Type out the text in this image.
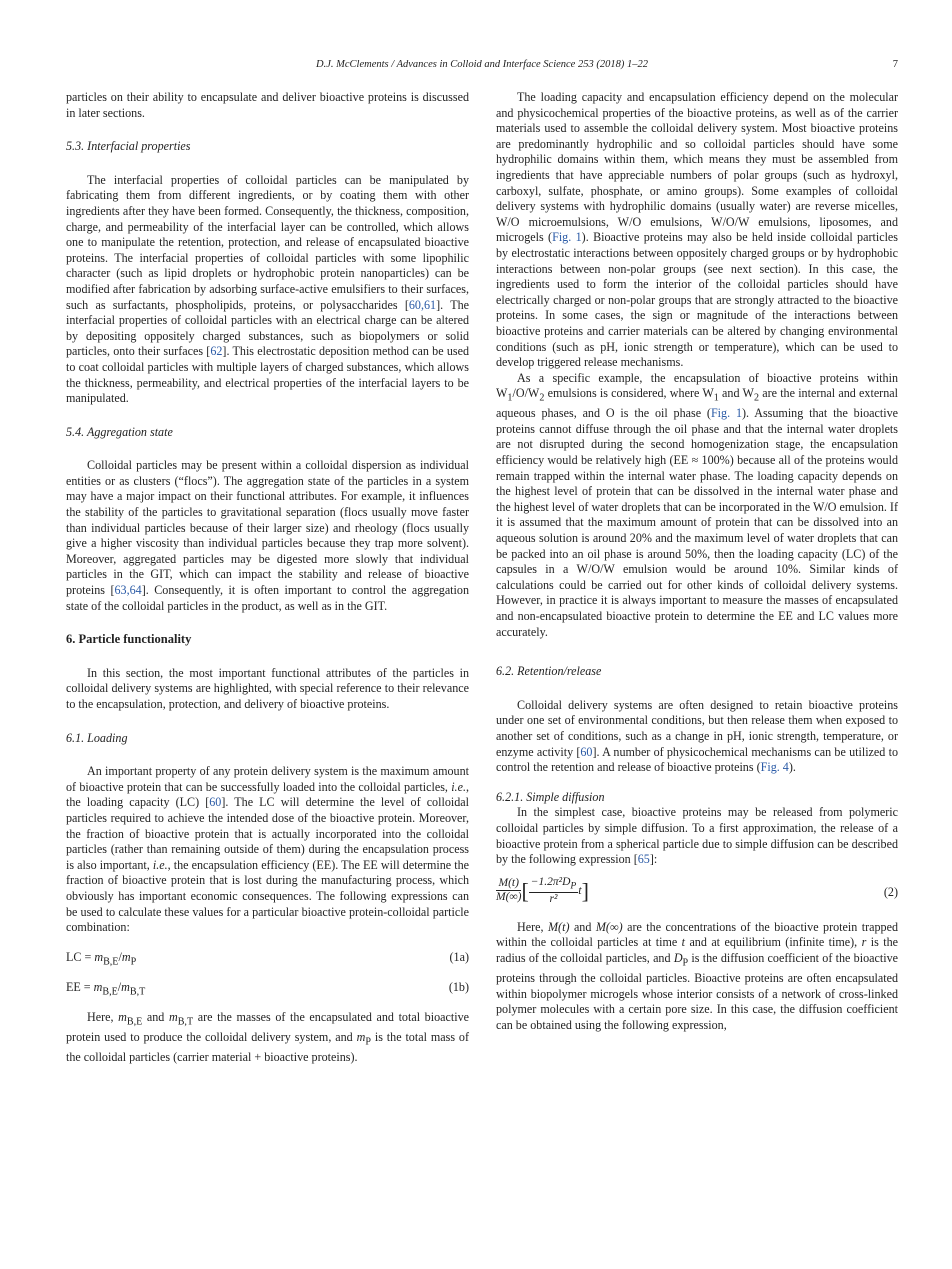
D.J. McClements / Advances in Colloid and Interface Science 253 (2018) 1–22	7

particles on their ability to encapsulate and deliver bioactive proteins is discussed in later sections.

5.3. Interfacial properties

The interfacial properties of colloidal particles can be manipulated by fabricating them from different ingredients, or by coating them with other ingredients after they have been formed. Consequently, the thickness, composition, charge, and permeability of the interfacial layer can be controlled, which allows one to manipulate the retention, protection, and release of encapsulated bioactive proteins. The interfacial properties of colloidal particles with some lipophilic character (such as lipid droplets or hydrophobic protein nanoparticles) can be modified after fabrication by adsorbing surface-active emulsifiers to their surfaces, such as surfactants, phospholipids, proteins, or polysaccharides [60,61]. The interfacial properties of colloidal particles with an electrical charge can be altered by depositing oppositely charged substances, such as biopolymers or solid particles, onto their surfaces [62]. This electrostatic deposition method can be used to coat colloidal particles with multiple layers of charged substances, which allows the thickness, permeability, and electrical properties of the interfacial layers to be manipulated.

5.4. Aggregation state

Colloidal particles may be present within a colloidal dispersion as individual entities or as clusters (“flocs”). The aggregation state of the particles in a system may have a major impact on their functional attributes. For example, it influences the stability of the particles to gravitational separation (flocs usually move faster than individual particles because of their larger size) and rheology (flocs usually give a higher viscosity than individual particles because they trap more solvent). Moreover, aggregated particles may be digested more slowly that individual particles in the GIT, which can impact the stability and release of bioactive proteins [63,64]. Consequently, it is often important to control the aggregation state of the colloidal particles in the product, as well as in the GIT.

6. Particle functionality

In this section, the most important functional attributes of the particles in colloidal delivery systems are highlighted, with special reference to their relevance to the encapsulation, protection, and delivery of bioactive proteins.

6.1. Loading

An important property of any protein delivery system is the maximum amount of bioactive protein that can be successfully loaded into the colloidal particles, i.e., the loading capacity (LC) [60]. The LC will determine the level of colloidal particles required to achieve the intended dose of the bioactive protein. Moreover, the fraction of bioactive protein that is actually incorporated into the colloidal particles (rather than remaining outside of them) during the encapsulation process is also important, i.e., the encapsulation efficiency (EE). The EE will determine the fraction of bioactive protein that is lost during the manufacturing process, which obviously has important economic consequences. The following expressions can be used to calculate these values for a particular bioactive protein-colloidal particle combination:

LC = $m_{B,E}/m_P$	(1a)
EE = $m_{B,E}/m_{B,T}$	(1b)

Here, $m_{B,E}$ and $m_{B,T}$ are the masses of the encapsulated and total bioactive protein used to produce the colloidal delivery system, and $m_P$ is the total mass of the colloidal particles (carrier material + bioactive proteins).

The loading capacity and encapsulation efficiency depend on the molecular and physicochemical properties of the bioactive proteins, as well as of the carrier materials used to assemble the colloidal delivery system. Most bioactive proteins are predominantly hydrophilic and so colloidal particles should have some hydrophilic domains within them, which means they must be assembled from ingredients that have appreciable numbers of polar groups (such as hydroxyl, carboxyl, sulfate, phosphate, or amino groups). Some examples of colloidal delivery systems with hydrophilic domains (usually water) are reverse micelles, W/O microemulsions, W/O emulsions, W/O/W emulsions, liposomes, and microgels (Fig. 1). Bioactive proteins may also be held inside colloidal particles by electrostatic interactions between oppositely charged groups or by hydrophobic interactions between non-polar groups (see next section). In this case, the ingredients used to form the interior of the colloidal particles should have electrically charged or non-polar groups that are strongly attracted to the bioactive proteins. In some cases, the sign or magnitude of the interactions between bioactive proteins and carrier materials can be altered by changing environmental conditions (such as pH, ionic strength or temperature), which can be used to develop triggered release mechanisms.

As a specific example, the encapsulation of bioactive proteins within $W_1/O/W_2$ emulsions is considered, where $W_1$ and $W_2$ are the internal and external aqueous phases, and O is the oil phase (Fig. 1). Assuming that the bioactive proteins cannot diffuse through the oil phase and that the internal water droplets are not disrupted during the second homogenization stage, the encapsulation efficiency would be relatively high (EE ≈ 100%) because all of the proteins would remain trapped within the internal water phase. The loading capacity depends on the highest level of protein that can be dissolved in the internal water phase and the highest level of water droplets that can be incorporated in the W/O emulsion. If it is assumed that the maximum amount of protein that can be dissolved into an aqueous solution is around 20% and the maximum level of water droplets that can be packed into an oil phase is around 50%, then the loading capacity (LC) of the capsules in a W/O/W emulsion would be around 10%. Similar kinds of calculations could be carried out for other kinds of colloidal delivery systems. However, in practice it is always important to measure the masses of encapsulated and non-encapsulated bioactive protein to determine the EE and LC values more accurately.

6.2. Retention/release

Colloidal delivery systems are often designed to retain bioactive proteins under one set of environmental conditions, but then release them when exposed to another set of conditions, such as a change in pH, ionic strength, temperature, or enzyme activity [60]. A number of physicochemical mechanisms can be utilized to control the retention and release of bioactive proteins (Fig. 4).

6.2.1. Simple diffusion

In the simplest case, bioactive proteins may be released from polymeric colloidal particles by simple diffusion. To a first approximation, the release of a bioactive protein from a spherical particle due to simple diffusion can be described by the following expression [65]:

$\frac{M(t)}{M(\infty)}$ [ $\frac{-1.2\pi^2D_P}{\text{r²}} t$]	(2)

Here, M(t) and M(∞) are the concentrations of the bioactive protein trapped within the colloidal particles at time t and at equilibrium (infinite time), r is the radius of the colloidal particles, and $D_P$ is the diffusion coefficient of the bioactive proteins through the colloidal particles. Bioactive proteins are often encapsulated within biopolymer microgels whose interior consists of a network of cross-linked polymer molecules with a certain pore size. In this case, the diffusion coefficient can be obtained using the following expression,
